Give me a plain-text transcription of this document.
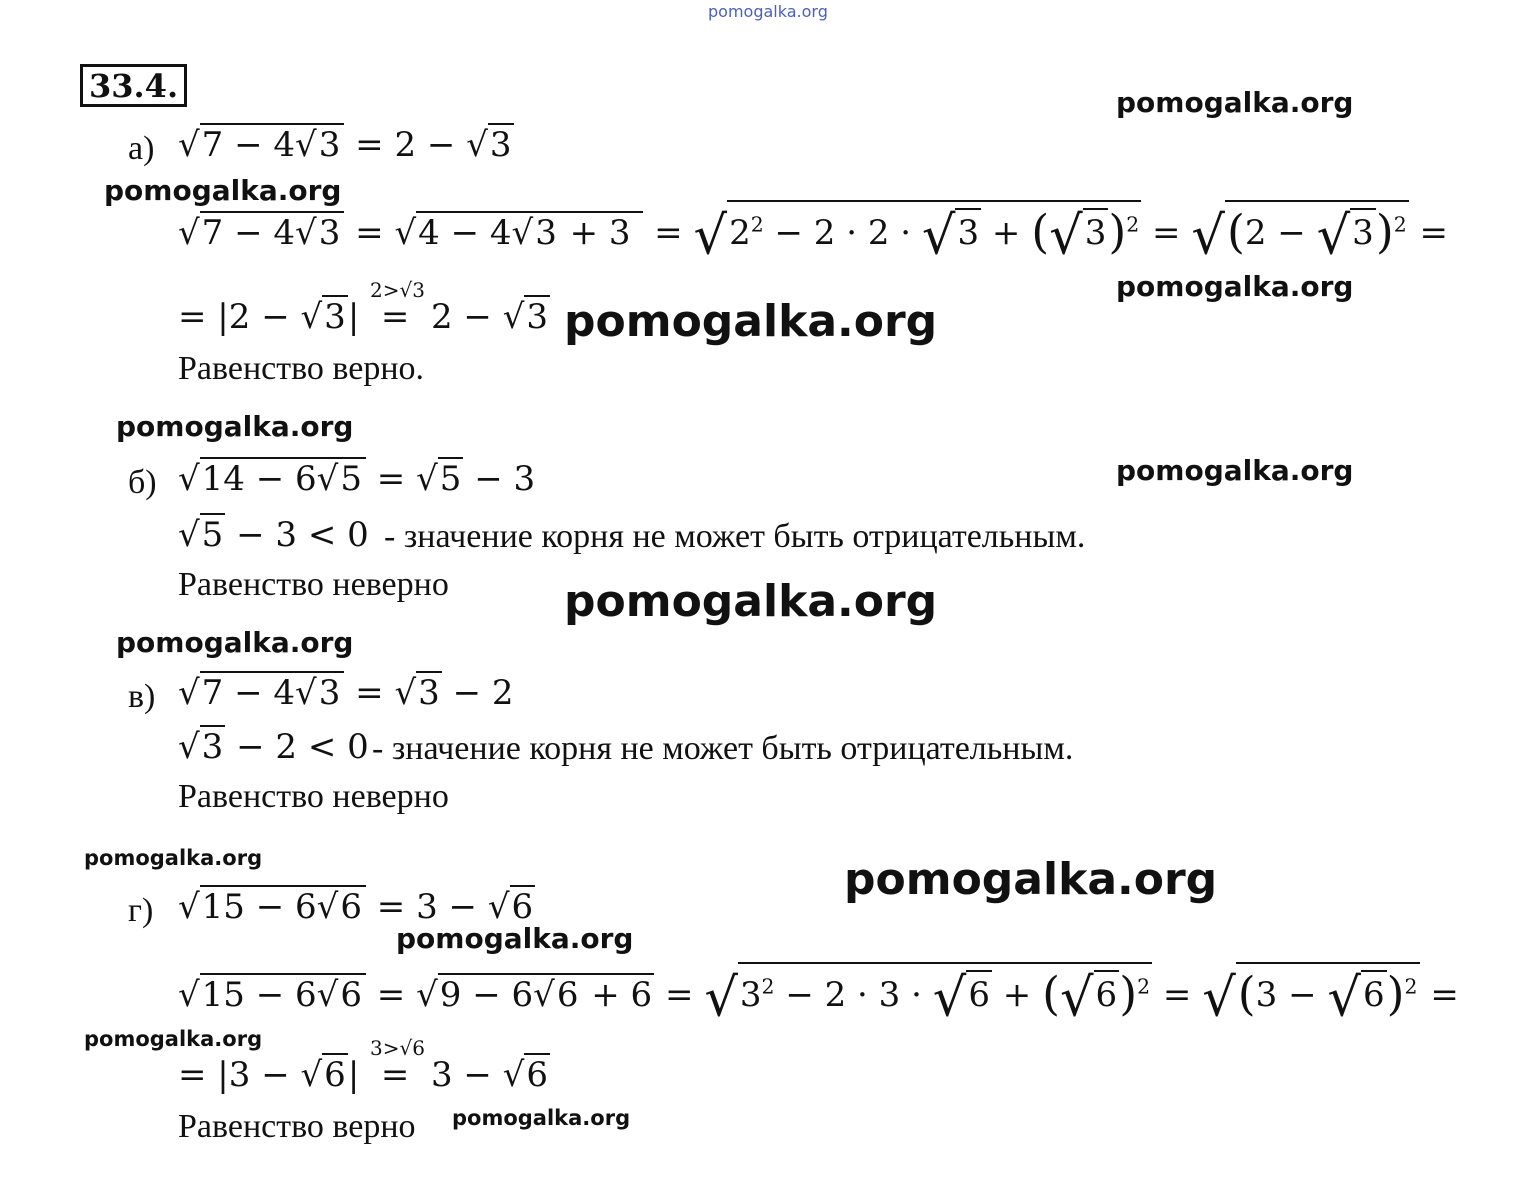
pomogalka.org
pomogalka.org
pomogalka.org
pomogalka.org
pomogalka.org
pomogalka.org
pomogalka.org
pomogalka.org
pomogalka.org
pomogalka.org	pomogalka.org
pomogalka.org
pomogalka.org
pomogalka.org
33.4.
а) √7 − 4√3 = 2 − √3
$√7 - 4√3 = √4 - 4√3 + 3 = √2^2 - 2 \cdot 2 \cdot √3 + (√3)^2 = √(2 - √3)^2$ =
= |2 − √3|  =  2 − √3
2>√3
Равенство верно.
б) √14 − 6√5 = √5 − 3
√5 − 3 < 0 - значение корня не может быть отрицательным.
Равенство неверно
в) √7 − 4√3 = √3 − 2
√3 − 2 < 0 - значение корня не может быть отрицательным.
Равенство неверно
г) √15 − 6√6 = 3 − √6
$√15 - 6√6 = √9 - 6√6 + 6 = √3^2 - 2 \cdot 3 \cdot √6 + (√6)^2 = √(3 - √6)^2$ =
= |3 − √6|  =  3 − √6
3>√6
Равенство верно
